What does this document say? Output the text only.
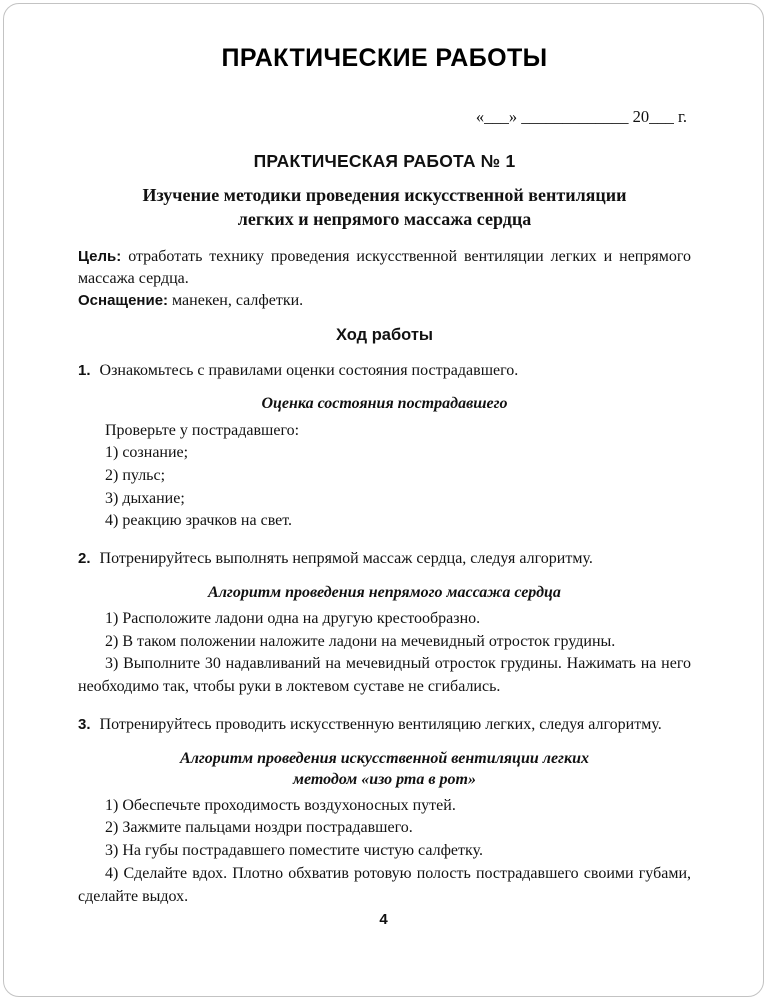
ПРАКТИЧЕСКИЕ РАБОТЫ
«___» _____________ 20___ г.
ПРАКТИЧЕСКАЯ РАБОТА № 1
Изучение методики проведения искусственной вентиляции легких и непрямого массажа сердца

Цель: отработать технику проведения искусственной вентиляции легких и непрямого массажа сердца.

Оснащение: манекен, салфетки.

Ход работы

1. Ознакомьтесь с правилами оценки состояния пострадавшего.

Оценка состояния пострадавшего

Проверьте у пострадавшего:

1) сознание;

2) пульс;

3) дыхание;

4) реакцию зрачков на свет.

2. Потренируйтесь выполнять непрямой массаж сердца, следуя алгоритму.

Алгоритм проведения непрямого массажа сердца

1) Расположите ладони одна на другую крестообразно.

2) В таком положении наложите ладони на мечевидный отросток грудины.

3) Выполните 30 надавливаний на мечевидный отросток грудины. Нажимать на него необходимо так, чтобы руки в локтевом суставе не сгибались.

3. Потренируйтесь проводить искусственную вентиляцию легких, следуя алгоритму.

Алгоритм проведения искусственной вентиляции легких методом «изо рта в рот»

1) Обеспечьте проходимость воздухоносных путей.

2) Зажмите пальцами ноздри пострадавшего.

3) На губы пострадавшего поместите чистую салфетку.

4) Сделайте вдох. Плотно обхватив ротовую полость пострадавшего своими губами, сделайте выдох.

4
